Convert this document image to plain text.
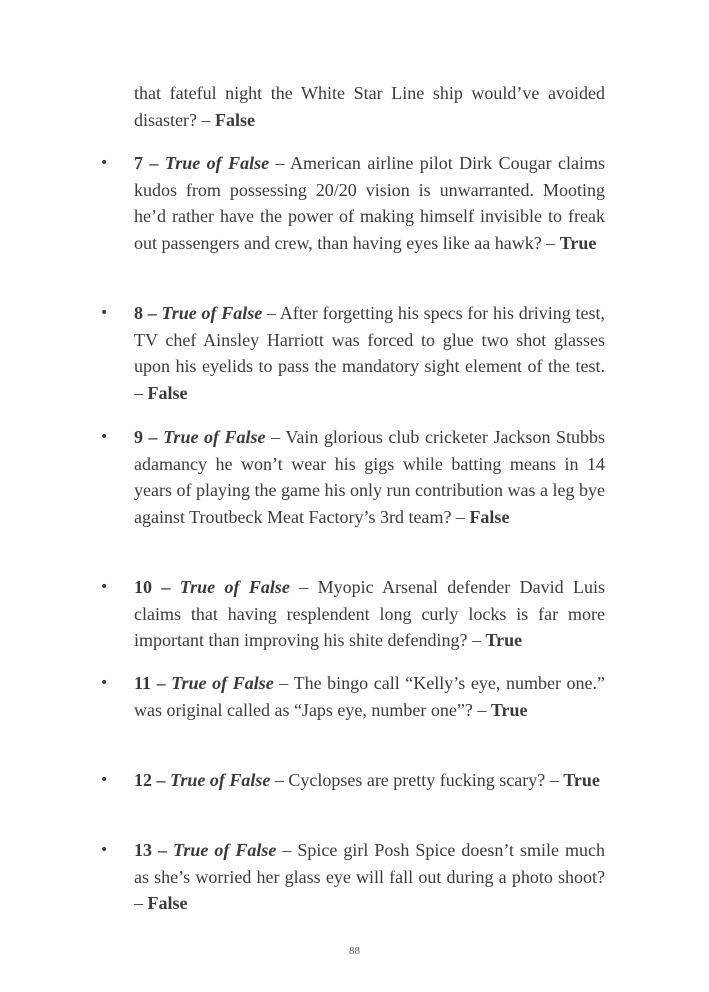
that fateful night the White Star Line ship would’ve avoided disaster? – False
• 7 – True of False – American airline pilot Dirk Cougar claims kudos from possessing 20/20 vision is unwarranted. Mooting he’d rather have the power of making himself invisible to freak out passengers and crew, than having eyes like aa hawk? – True
• 8 – True of False – After forgetting his specs for his driving test, TV chef Ainsley Harriott was forced to glue two shot glasses upon his eyelids to pass the mandatory sight element of the test. – False
• 9 – True of False – Vain glorious club cricketer Jackson Stubbs adamancy he won’t wear his gigs while batting means in 14 years of playing the game his only run contribution was a leg bye against Troutbeck Meat Factory’s 3rd team? – False
• 10 – True of False – Myopic Arsenal defender David Luis claims that having resplendent long curly locks is far more important than improving his shite defending? – True
• 11 – True of False – The bingo call “Kelly’s eye, number one.” was original called as “Japs eye, number one”? – True
• 12 – True of False – Cyclopses are pretty fucking scary? – True
• 13 – True of False – Spice girl Posh Spice doesn’t smile much as she’s worried her glass eye will fall out during a photo shoot? – False
88
